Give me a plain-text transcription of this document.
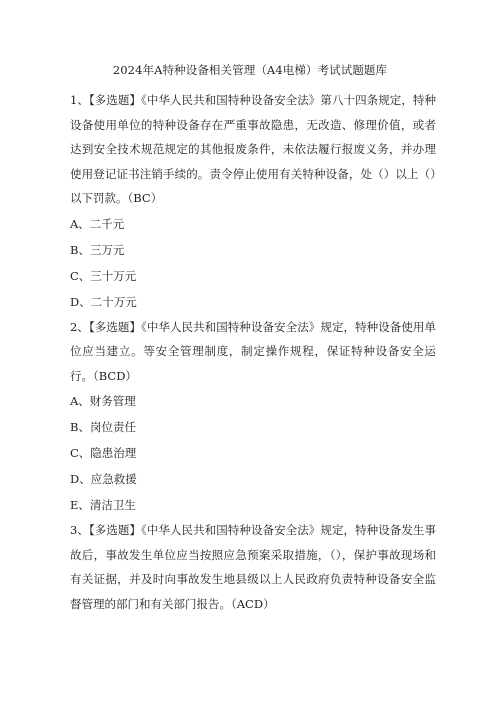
2024年A特种设备相关管理（A4电梯）考试试题题库

1、【多选题】《中华人民共和国特种设备安全法》第八十四条规定，特种设备使用单位的特种设备存在严重事故隐患，无改造、修理价值，或者达到安全技术规范规定的其他报废条件，未依法履行报废义务，并办理使用登记证书注销手续的。责令停止使用有关特种设备，处（）以上（）以下罚款。（BC）

A、二千元

B、三万元

C、三十万元

D、二十万元

2、【多选题】《中华人民共和国特种设备安全法》规定，特种设备使用单位应当建立。等安全管理制度，制定操作规程，保证特种设备安全运行。（BCD）

A、财务管理

B、岗位责任

C、隐患治理

D、应急救援

E、清洁卫生

3、【多选题】《中华人民共和国特种设备安全法》规定，特种设备发生事故后，事故发生单位应当按照应急预案采取措施，（），保护事故现场和有关证据，并及时向事故发生地县级以上人民政府负责特种设备安全监督管理的部门和有关部门报告。（ACD）
